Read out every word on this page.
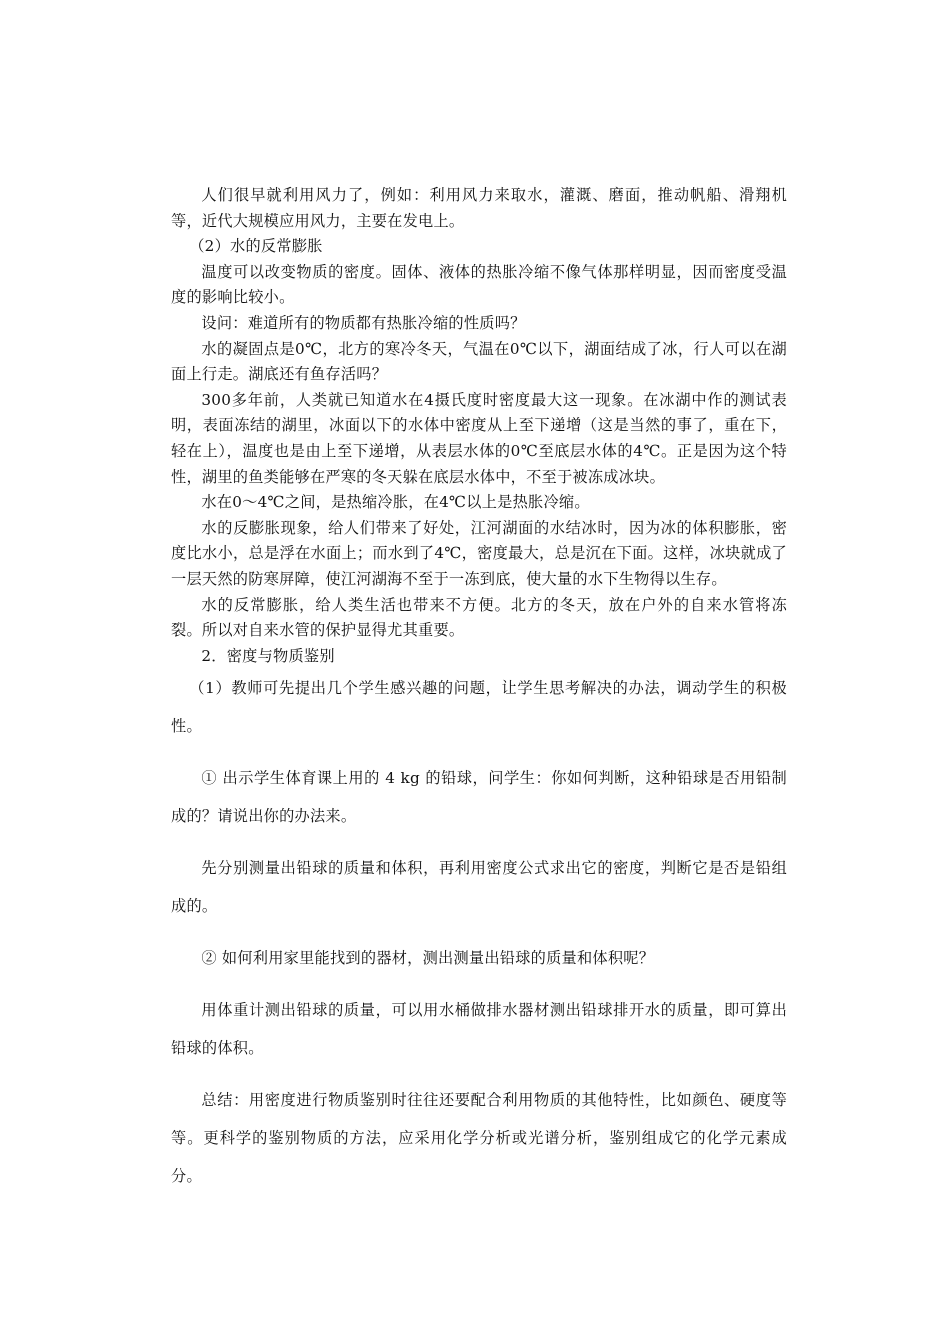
人们很早就利用风力了，例如：利用风力来取水，灌溉、磨面，推动帆船、滑翔机等，近代大规模应用风力，主要在发电上。

（2）水的反常膨胀

温度可以改变物质的密度。固体、液体的热胀冷缩不像气体那样明显，因而密度受温度的影响比较小。

设问：难道所有的物质都有热胀冷缩的性质吗？

水的凝固点是0℃，北方的寒冷冬天，气温在0℃以下，湖面结成了冰，行人可以在湖面上行走。湖底还有鱼存活吗？

300多年前，人类就已知道水在4摄氏度时密度最大这一现象。在冰湖中作的测试表明，表面冻结的湖里，冰面以下的水体中密度从上至下递增（这是当然的事了，重在下，轻在上），温度也是由上至下递增，从表层水体的0℃至底层水体的4℃。正是因为这个特性，湖里的鱼类能够在严寒的冬天躲在底层水体中，不至于被冻成冰块。

水在0～4℃之间，是热缩冷胀，在4℃以上是热胀冷缩。

水的反膨胀现象，给人们带来了好处，江河湖面的水结冰时，因为冰的体积膨胀，密度比水小，总是浮在水面上；而水到了4℃，密度最大，总是沉在下面。这样，冰块就成了一层天然的防寒屏障，使江河湖海不至于一冻到底，使大量的水下生物得以生存。

水的反常膨胀，给人类生活也带来不方便。北方的冬天，放在户外的自来水管将冻裂。所以对自来水管的保护显得尤其重要。

2．密度与物质鉴别

（1）教师可先提出几个学生感兴趣的问题，让学生思考解决的办法，调动学生的积极性。

① 出示学生体育课上用的 4 kg 的铅球，问学生：你如何判断，这种铅球是否用铅制成的？请说出你的办法来。

先分别测量出铅球的质量和体积，再利用密度公式求出它的密度，判断它是否是铅组成的。

② 如何利用家里能找到的器材，测出测量出铅球的质量和体积呢？

用体重计测出铅球的质量，可以用水桶做排水器材测出铅球排开水的质量，即可算出铅球的体积。

总结：用密度进行物质鉴别时往往还要配合利用物质的其他特性，比如颜色、硬度等等。更科学的鉴别物质的方法，应采用化学分析或光谱分析，鉴别组成它的化学元素成分。
